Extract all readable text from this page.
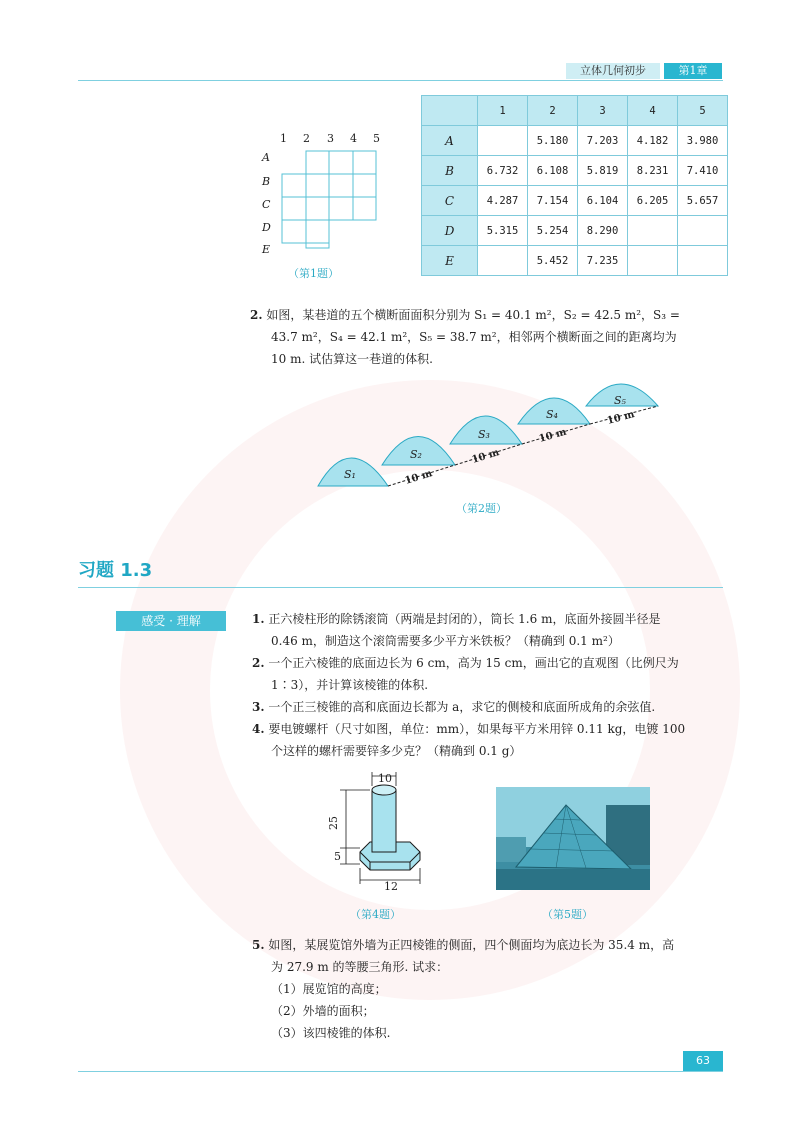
立体几何初步	第1章
1 2 3 4 5
A
B
C
D
E
（第1题）
	1	2	3	4	5
A		5.180	7.203	4.182	3.980
B	6.732	6.108	5.819	8.231	7.410
C	4.287	7.154	6.104	6.205	5.657
D	5.315	5.254	8.290		
E		5.452	7.235		
2. 如图，某巷道的五个横断面面积分别为 S₁ = 40.1 m²，S₂ = 42.5 m²，S₃ =
43.7 m²，S₄ = 42.1 m²，S₅ = 38.7 m²，相邻两个横断面之间的距离均为
10 m. 试估算这一巷道的体积.
S₁
S₂
S₃
S₄
S₅
10 m
10 m
10 m
10 m
（第2题）
习题 1.3
感受 · 理解	1. 正六棱柱形的除锈滚筒（两端是封闭的），筒长 1.6 m，底面外接圆半径是
0.46 m，制造这个滚筒需要多少平方米铁板？（精确到 0.1 m²）
2. 一个正六棱锥的底面边长为 6 cm，高为 15 cm，画出它的直观图（比例尺为
1∶3），并计算该棱锥的体积.
3. 一个正三棱锥的高和底面边长都为 a，求它的侧棱和底面所成角的余弦值.
4. 要电镀螺杆（尺寸如图，单位：mm），如果每平方米用锌 0.11 kg，电镀 100
个这样的螺杆需要锌多少克？（精确到 0.1 g）
10
25
5
12
（第4题）	（第5题）
5. 如图，某展览馆外墙为正四棱锥的侧面，四个侧面均为底边长为 35.4 m，高
为 27.9 m 的等腰三角形. 试求：
（1）展览馆的高度；
（2）外墙的面积；
（3）该四棱锥的体积.
63
